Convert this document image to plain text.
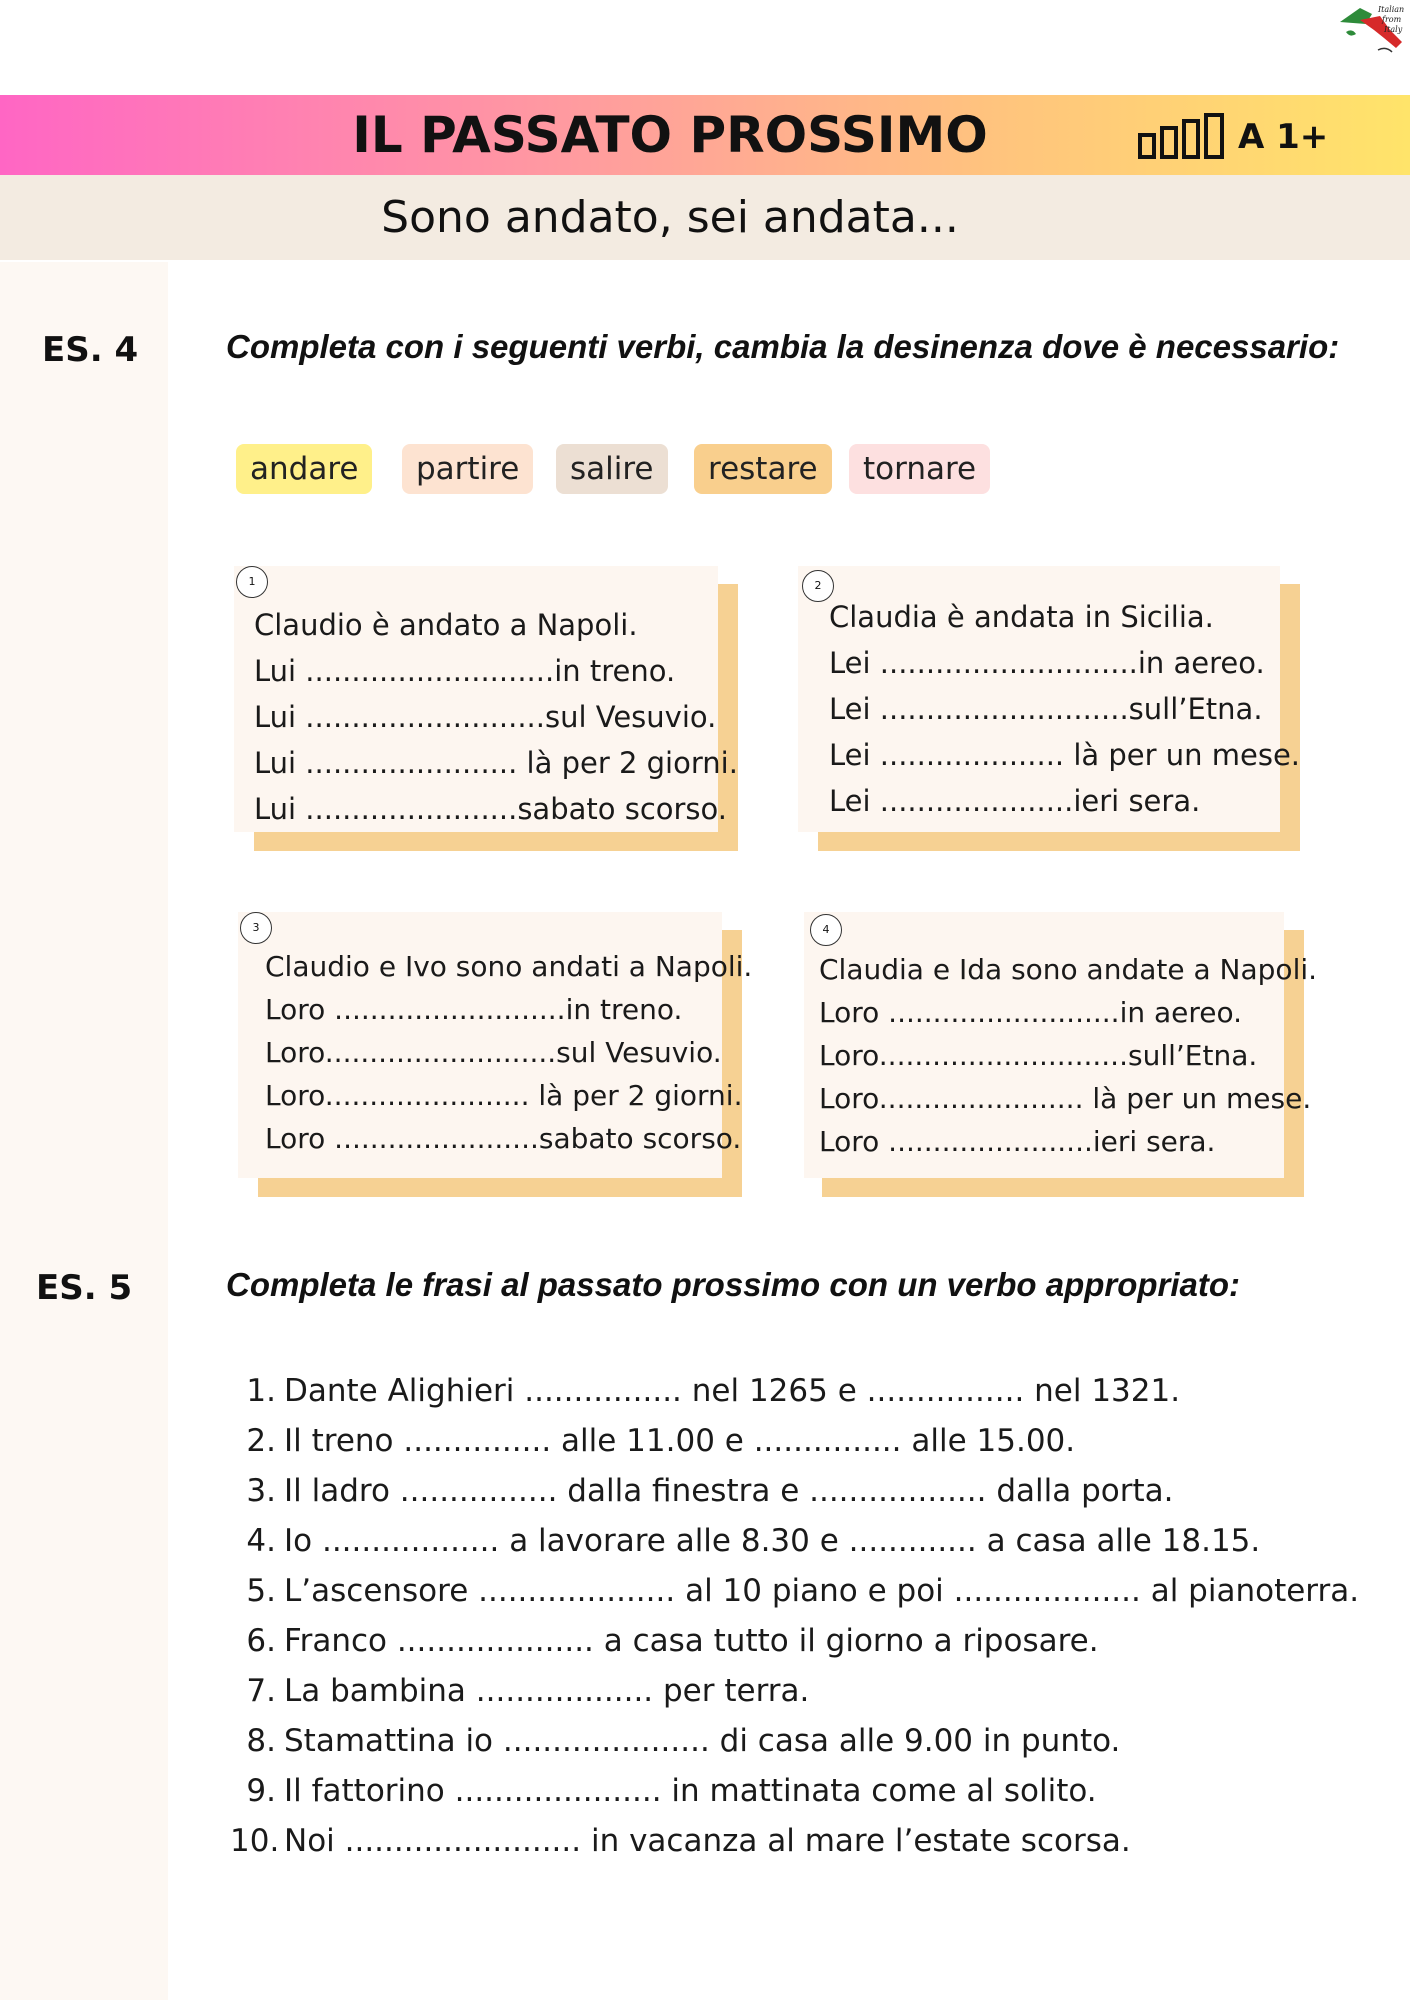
Italian
from
Italy
IL PASSATO PROSSIMO	A 1+
Sono andato, sei andata...
ES. 4	Completa con i seguenti verbi, cambia la desinenza dove è necessario:
andare	partire	salire	restare	tornare
1
Claudio è andato a Napoli.
Lui ...........................in treno.
Lui ..........................sul Vesuvio.
Lui ....................... là per 2 giorni.
Lui .......................sabato scorso.
2
Claudia è andata in Sicilia.
Lei ............................in aereo.
Lei ...........................sull’Etna.
Lei .................... là per un mese.
Lei .....................ieri sera.
3
Claudio e Ivo sono andati a Napoli.
Loro ..........................in treno.
Loro..........................sul Vesuvio.
Loro....................... là per 2 giorni.
Loro .......................sabato scorso.
4
Claudia e Ida sono andate a Napoli.
Loro ..........................in aereo.
Loro............................sull’Etna.
Loro....................... là per un mese.
Loro .......................ieri sera.
ES. 5	Completa le frasi al passato prossimo con un verbo appropriato:
1. Dante Alighieri ................ nel 1265 e ................ nel 1321.
2. Il treno ............... alle 11.00 e ............... alle 15.00.
3. Il ladro ................ dalla finestra e .................. dalla porta.
4. Io .................. a lavorare alle 8.30 e ............. a casa alle 18.15.
5. L’ascensore .................... al 10 piano e poi ................... al pianoterra.
6. Franco .................... a casa tutto il giorno a riposare.
7. La bambina .................. per terra.
8. Stamattina io ..................... di casa alle 9.00 in punto.
9. Il fattorino ..................... in mattinata come al solito.
10. Noi ........................ in vacanza al mare l’estate scorsa.
